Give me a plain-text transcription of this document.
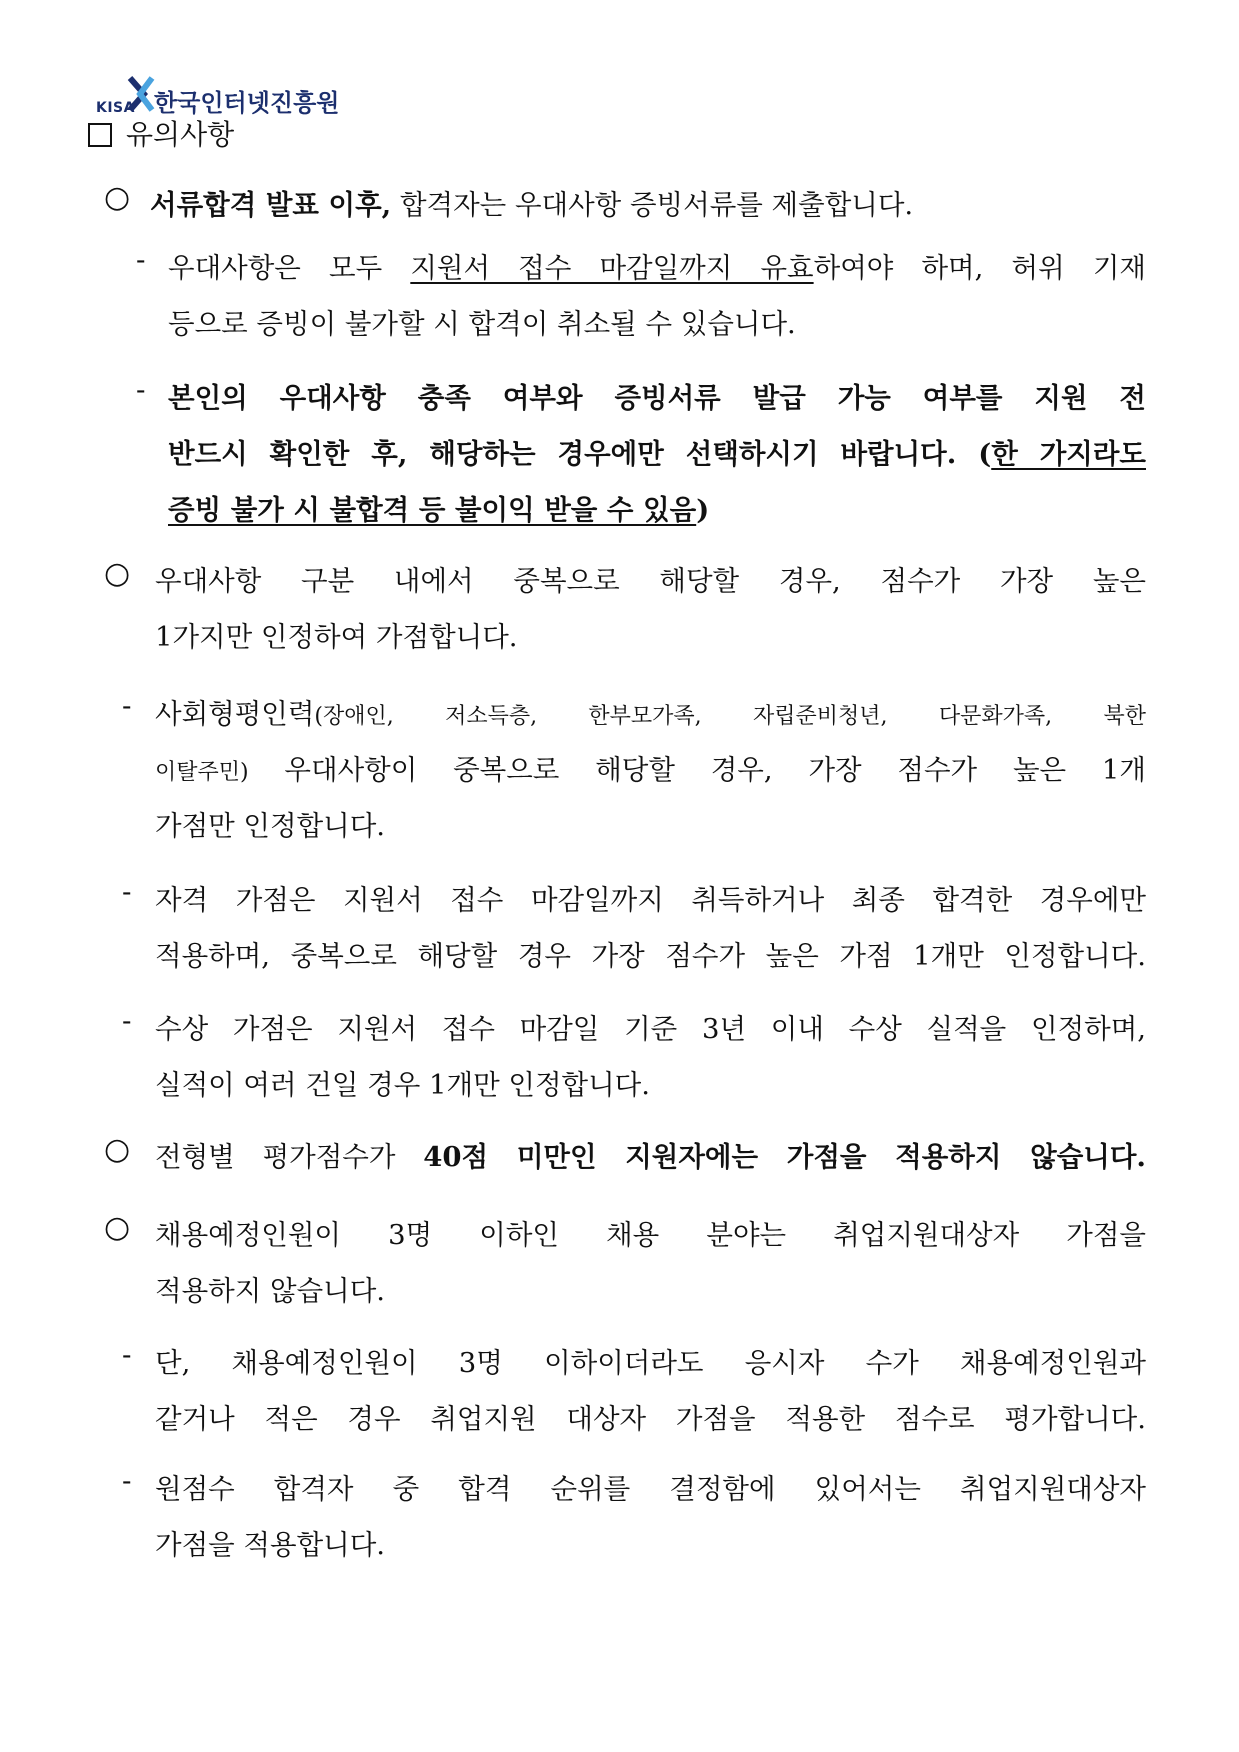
KISA 한국인터넷진흥원
유의사항
○ 서류합격 발표 이후, 합격자는 우대사항 증빙서류를 제출합니다.
- 우대사항은 모두 지원서 접수 마감일까지 유효하여야 하며, 허위 기재
등으로 증빙이 불가할 시 합격이 취소될 수 있습니다.
- 본인의 우대사항 충족 여부와 증빙서류 발급 가능 여부를 지원 전
반드시 확인한 후, 해당하는 경우에만 선택하시기 바랍니다. (한 가지라도
증빙 불가 시 불합격 등 불이익 받을 수 있음)
○ 우대사항 구분 내에서 중복으로 해당할 경우, 점수가 가장 높은
1가지만 인정하여 가점합니다.
- 사회형평인력(장애인, 저소득층, 한부모가족, 자립준비청년, 다문화가족, 북한
이탈주민) 우대사항이 중복으로 해당할 경우, 가장 점수가 높은 1개
가점만 인정합니다.
- 자격 가점은 지원서 접수 마감일까지 취득하거나 최종 합격한 경우에만
적용하며, 중복으로 해당할 경우 가장 점수가 높은 가점 1개만 인정합니다.
- 수상 가점은 지원서 접수 마감일 기준 3년 이내 수상 실적을 인정하며,
실적이 여러 건일 경우 1개만 인정합니다.
○ 전형별 평가점수가 40점 미만인 지원자에는 가점을 적용하지 않습니다.
○ 채용예정인원이 3명 이하인 채용 분야는 취업지원대상자 가점을
적용하지 않습니다.
- 단, 채용예정인원이 3명 이하이더라도 응시자 수가 채용예정인원과
같거나 적은 경우 취업지원 대상자 가점을 적용한 점수로 평가합니다.
- 원점수 합격자 중 합격 순위를 결정함에 있어서는 취업지원대상자
가점을 적용합니다.
